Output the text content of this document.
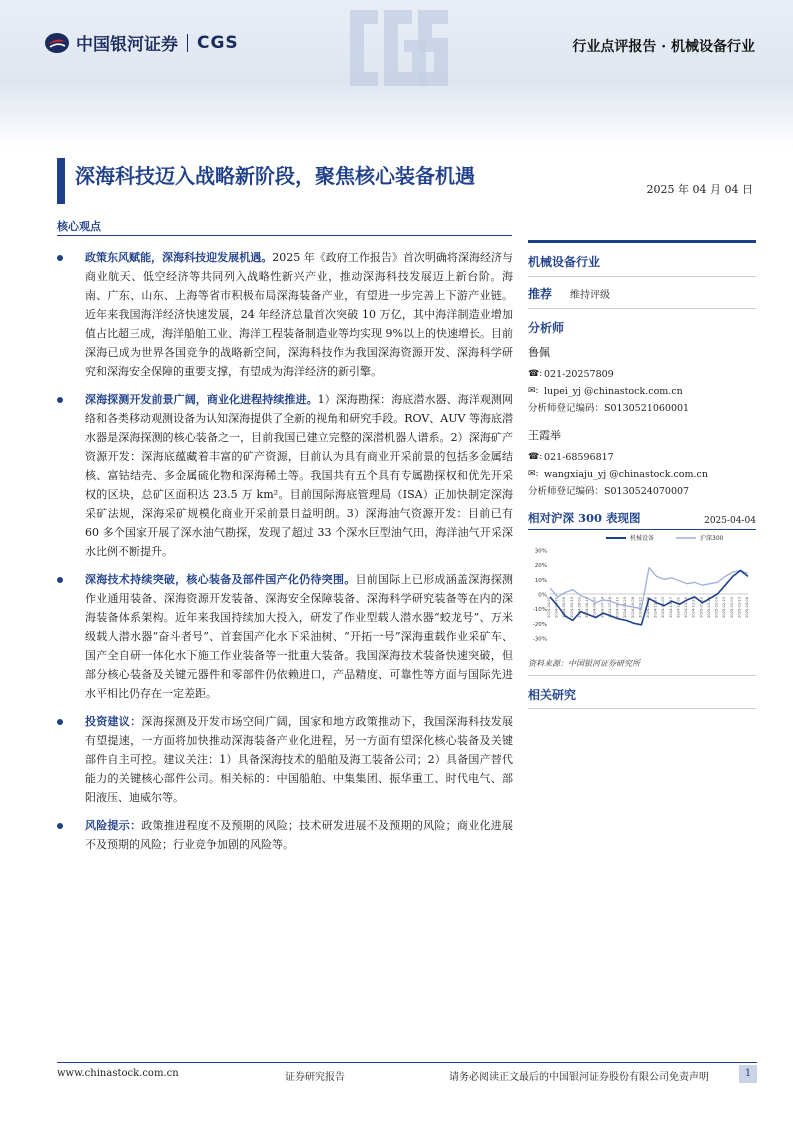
中国银河证券 CGS	行业点评报告 · 机械设备行业
深海科技迈入战略新阶段，聚焦核心装备机遇
2025 年 04 月 04 日
核心观点
政策东风赋能，深海科技迎发展机遇。2025 年《政府工作报告》首次明确将深海经济与商业航天、低空经济等共同列入战略性新兴产业，推动深海科技发展迈上新台阶。海南、广东、山东、上海等省市积极布局深海装备产业，有望进一步完善上下游产业链。近年来我国海洋经济快速发展，24 年经济总量首次突破 10 万亿，其中海洋制造业增加值占比超三成，海洋船舶工业、海洋工程装备制造业等均实现 9%以上的快速增长。目前深海已成为世界各国竞争的战略新空间，深海科技作为我国深海资源开发、深海科学研究和深海安全保障的重要支撑，有望成为海洋经济的新引擎。
深海探测开发前景广阔，商业化进程持续推进。1）深海勘探：海底潜水器、海洋观测网络和各类移动观测设备为认知深海提供了全新的视角和研究手段。ROV、AUV 等海底潜水器是深海探测的核心装备之一，目前我国已建立完整的深潜机器人谱系。2）深海矿产资源开发：深海底蕴藏着丰富的矿产资源，目前认为具有商业开采前景的包括多金属结核、富钴结壳、多金属硫化物和深海稀土等。我国共有五个具有专属勘探权和优先开采权的区块，总矿区面积达 23.5 万 km²。目前国际海底管理局（ISA）正加快制定深海采矿法规，深海采矿规模化商业开采前景日益明朗。3）深海油气资源开发：目前已有 60 多个国家开展了深水油气勘探，发现了超过 33 个深水巨型油气田，海洋油气开采深水比例不断提升。
深海技术持续突破，核心装备及部件国产化仍待突围。目前国际上已形成涵盖深海探测作业通用装备、深海资源开发装备、深海安全保障装备、深海科学研究装备等在内的深海装备体系架构。近年来我国持续加大投入，研发了作业型载人潜水器“蛟龙号”、万米级载人潜水器“奋斗者号”、首套国产化水下采油树、“开拓一号”深海重载作业采矿车、国产全自研一体化水下施工作业装备等一批重大装备。我国深海技术装备快速突破，但部分核心装备及关键元器件和零部件仍依赖进口，产品精度、可靠性等方面与国际先进水平相比仍存在一定差距。
投资建议：深海探测及开发市场空间广阔，国家和地方政策推动下，我国深海科技发展有望提速，一方面将加快推动深海装备产业化进程，另一方面有望深化核心装备及关键部件自主可控。建议关注：1）具备深海技术的船舶及海工装备公司；2）具备国产替代能力的关键核心部件公司。相关标的：中国船舶、中集集团、振华重工、时代电气、部阳液压、迪威尔等。
风险提示：政策推进程度不及预期的风险；技术研发进展不及预期的风险；商业化进展不及预期的风险；行业竞争加剧的风险等。
机械设备行业
推荐 维持评级
分析师
鲁佩
☎: 021-20257809
✉: lupei_yj @chinastock.com.cn
分析师登记编码：S0130521060001
王霞举
☎: 021-68596817
✉: wangxiaju_yj @chinastock.com.cn
分析师登记编码：S0130524070007
相对沪深 300 表现图	2025-04-04
30%
20%
10%
0%
-10%
-20%
-30%
2024-04-07 2024-04-21 2024-05-05 2024-05-19 2024-06-02 2024-06-16 2024-06-30 2024-07-14 2024-07-28 2024-08-11 2024-08-25 2024-09-08 2024-09-22 2024-10-06 2024-10-20 2024-11-03 2024-11-17 2024-12-01 2024-12-15 2024-12-29 2025-01-12 2025-01-26 2025-02-09 2025-02-23 2025-03-09 2025-03-23 2025-04-04
机械设备	沪深300
资料来源：中国银河证券研究所
相关研究
www.chinastock.com.cn	证券研究报告	请务必阅读正文最后的中国银河证券股份有限公司免责声明	1
